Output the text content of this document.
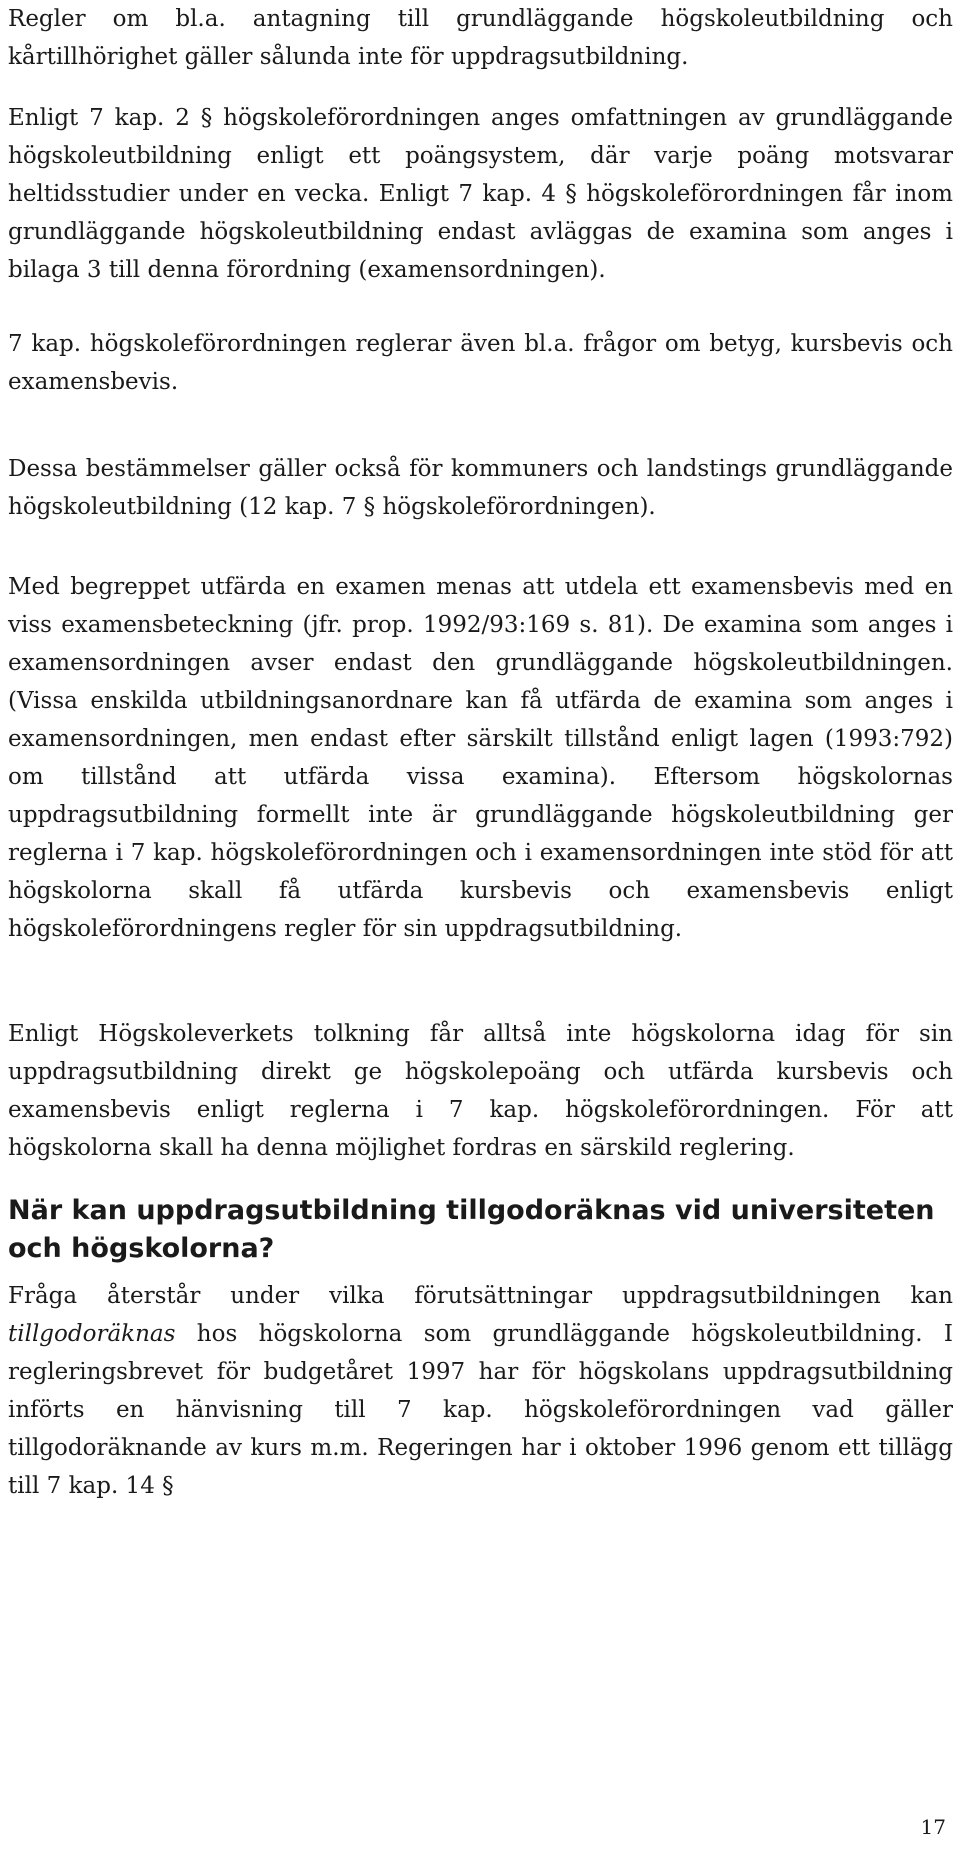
Regler om bl.a. antagning till grundläggande högskoleutbildning och kårtillhörighet gäller sålunda inte för uppdragsutbildning.

Enligt 7 kap. 2 § högskoleförordningen anges omfattningen av grundläggande högskoleutbildning enligt ett poängsystem, där varje poäng motsvarar heltidsstudier under en vecka. Enligt 7 kap. 4 § högskoleförordningen får inom grundläggande högskoleutbildning endast avläggas de examina som anges i bilaga 3 till denna förordning (examensordningen).

7 kap. högskoleförordningen reglerar även bl.a. frågor om betyg, kursbevis och examensbevis.

Dessa bestämmelser gäller också för kommuners och landstings grundläggande högskoleutbildning (12 kap. 7 § högskoleförordningen).

Med begreppet utfärda en examen menas att utdela ett examensbevis med en viss examensbeteckning (jfr. prop. 1992/93:169 s. 81). De examina som anges i examensordningen avser endast den grundläggande högskoleutbildningen. (Vissa enskilda utbildningsanordnare kan få utfärda de examina som anges i examensordningen, men endast efter särskilt tillstånd enligt lagen (1993:792) om tillstånd att utfärda vissa examina). Eftersom högskolornas uppdragsutbildning formellt inte är grundläggande högskoleutbildning ger reglerna i 7 kap. högskoleförordningen och i examensordningen inte stöd för att högskolorna skall få utfärda kursbevis och examensbevis enligt högskoleförordningens regler för sin uppdragsutbildning.

Enligt Högskoleverkets tolkning får alltså inte högskolorna idag för sin uppdragsutbildning direkt ge högskolepoäng och utfärda kursbevis och examensbevis enligt reglerna i 7 kap. högskoleförordningen. För att högskolorna skall ha denna möjlighet fordras en särskild reglering.

När kan uppdragsutbildning tillgodoräknas vid universiteten och högskolorna?

Fråga återstår under vilka förutsättningar uppdragsutbildningen kan tillgodoräknas hos högskolorna som grundläggande högskoleutbildning. I regleringsbrevet för budgetåret 1997 har för högskolans uppdragsutbildning införts en hänvisning till 7 kap. högskoleförordningen vad gäller tillgodoräknande av kurs m.m. Regeringen har i oktober 1996 genom ett tillägg till 7 kap. 14 §

17
